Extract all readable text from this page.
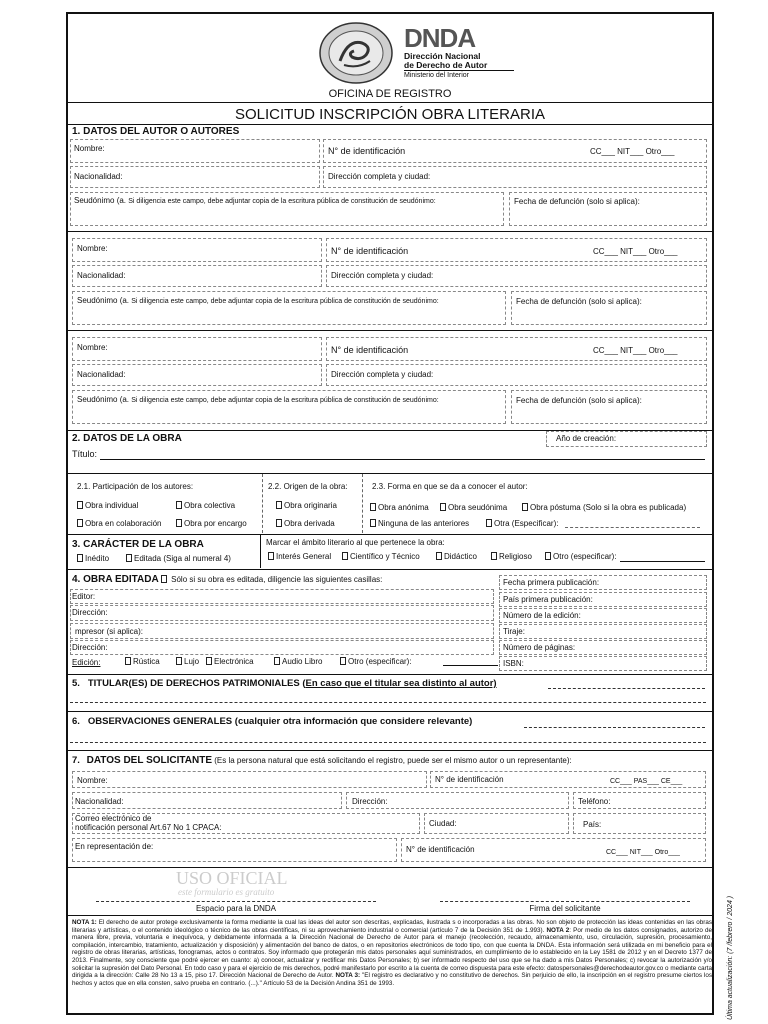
DNDA
Dirección Nacional
de Derecho de Autor
Ministerio del Interior
OFICINA DE REGISTRO
SOLICITUD INSCRIPCIÓN OBRA LITERARIA
1. DATOS DEL AUTOR O AUTORES
Nombre:	N° de identificación	CC___ NIT___ Otro___
Nacionalidad:	Dirección completa y ciudad:
Seudónimo (a. Si diligencia este campo, debe adjuntar copia de la escritura pública de constitución de seudónimo:	Fecha de defunción (solo si aplica):
Nombre:	N° de identificación	CC___ NIT___ Otro___
Nacionalidad:	Dirección completa y ciudad:
Seudónimo (a. Si diligencia este campo, debe adjuntar copia de la escritura pública de constitución de seudónimo:	Fecha de defunción (solo si aplica):
Nombre:	N° de identificación	CC___ NIT___ Otro___
Nacionalidad:	Dirección completa y ciudad:
Seudónimo (a. Si diligencia este campo, debe adjuntar copia de la escritura pública de constitución de seudónimo:	Fecha de defunción (solo si aplica):
2. DATOS DE LA OBRA	Año de creación:
Título:
2.1. Participación de los autores:
Obra individual	Obra colectiva
Obra en colaboración	Obra por encargo
2.2. Origen de la obra:
Obra originaria
Obra derivada
2.3. Forma en que se da a conocer el autor:
Obra anónima	Obra seudónima	Obra póstuma (Solo si la obra es publicada)
Ninguna de las anteriores	Otra (Especificar):
3. CARÁCTER DE LA OBRA
Inédito	Editada (Siga al numeral 4)
Marcar el ámbito literario al que pertenece la obra:
Interés General	Científico y Técnico	Didáctico	Religioso	Otro (especificar):
4. OBRA EDITADA Sólo si su obra es editada, diligencie las siguientes casillas:
Editor:
Dirección:
mpresor (si aplica):
Dirección:
Edición:	Rústica	Lujo	Electrónica	Audio Libro	Otro (especificar):
Fecha primera publicación:
País primera publicación:
Número de la edición:
Tiraje:
Número de páginas:
ISBN:
5. TITULAR(ES) DE DERECHOS PATRIMONIALES (En caso que el titular sea distinto al autor)
6. OBSERVACIONES GENERALES (cualquier otra información que considere relevante)
7. DATOS DEL SOLICITANTE (Es la persona natural que está solicitando el registro, puede ser el mismo autor o un representante):
Nombre:	N° de identificación	CC___ PAS___ CE___
Nacionalidad:	Dirección:	Teléfono:
Correo electrónico de
notificación personal Art.67 No 1 CPACA:	Ciudad:	País:
En representación de:	N° de identificación	CC___ NIT___ Otro___
USO OFICIAL
este formulario es gratuito
Espacio para la DNDA	Firma del solicitante
NOTA 1: El derecho de autor protege exclusivamente la forma mediante la cual las ideas del autor son descritas, explicadas, ilustrada s o incorporadas a las obras. No son objeto de protección las ideas contenidas en las obras literarias y artísticas, o el contenido ideológico o técnico de las obras científicas, ni su aprovechamiento industrial o comercial (artículo 7 de la Decisión 351 de 1.993). NOTA 2: Por medio de los datos consignados, autorizo de manera libre, previa, voluntaria e inequívoca, y debidamente informada a la Dirección Nacional de Derecho de Autor para el manejo (recolección, recaudo, almacenamiento, uso, circulación, supresión, procesamiento, compilación, intercambio, tratamiento, actualización y disposición) y alimentación del banco de datos, o en repositorios electrónicos de todo tipo, con que cuenta la DNDA. Esta información será utilizada en mi beneficio para el registro de obras literarias, artísticas, fonogramas, actos o contratos. Soy informado que protegerán mis datos personales aquí suministrados, en cumplimiento de lo establecido en la Ley 1581 de 2012 y en el Decreto 1377 de 2013. Finalmente, soy consciente que podré ejercer en cuanto: a) conocer, actualizar y rectificar mis Datos Personales; b) ser informado respecto del uso que se ha dado a mis Datos Personales; c) revocar la autorización y/o solicitar la supresión del Dato Personal. En todo caso y para el ejercicio de mis derechos, podré manifestarlo por escrito a la cuenta de correo dispuesta para este efecto: datospersonales@derechodeautor.gov.co o mediante carta dirigida a la dirección: Calle 28 No 13 a 15, piso 17. Dirección Nacional de Derecho de Autor. NOTA 3: "El registro es declarativo y no constitutivo de derechos. Sin perjuicio de ello, la inscripción en el registro presume ciertos los hechos y actos que en ella consten, salvo prueba en contrario. (...)." Artículo 53 de la Decisión Andina 351 de 1993.	Última actualización: (7 /febrero / 2024 )
